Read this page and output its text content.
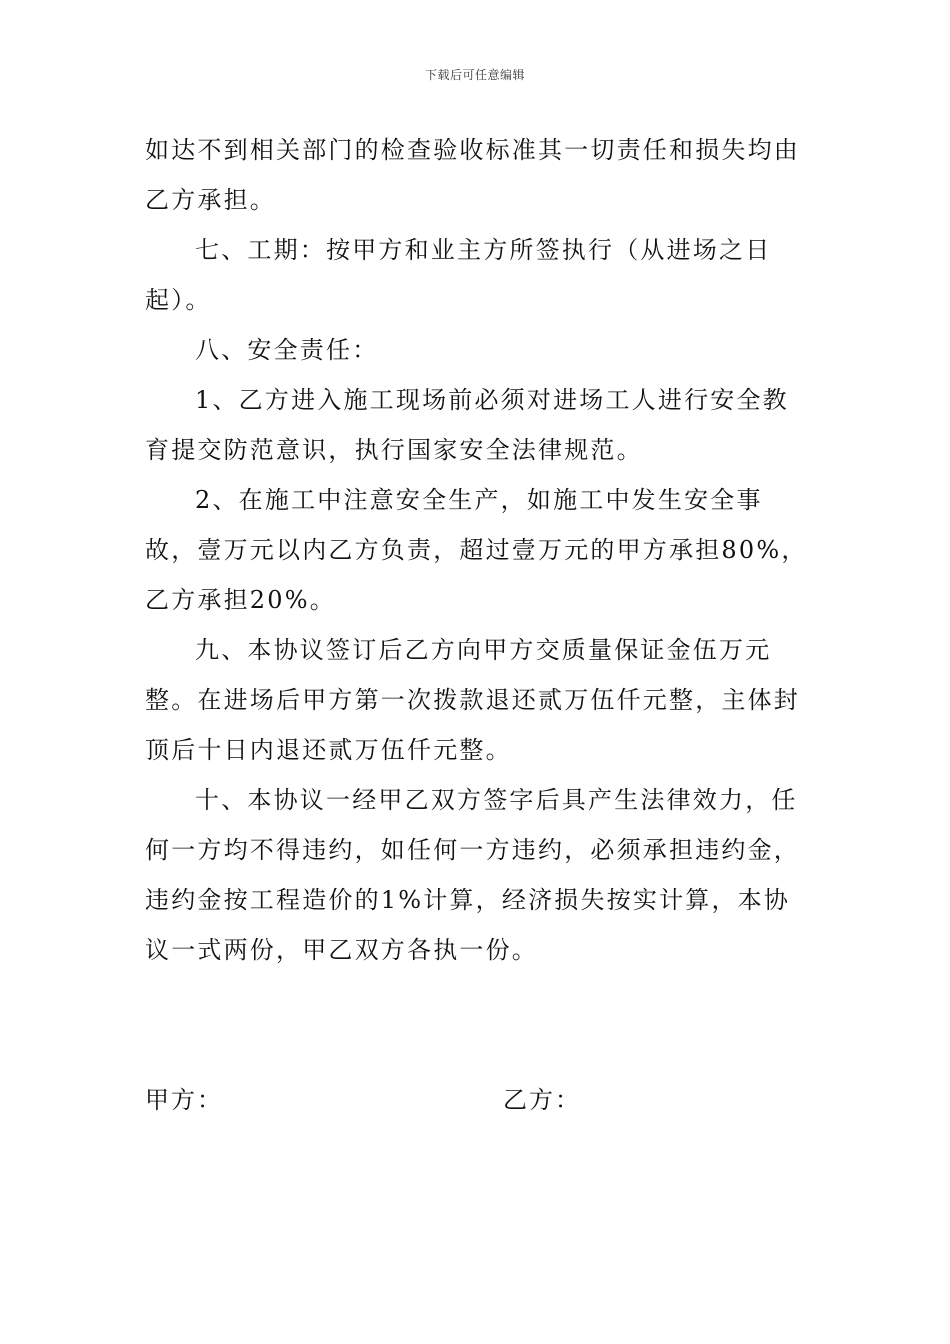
下载后可任意编辑

如达不到相关部门的检查验收标准其一切责任和损失均由乙方承担。

七、工期：按甲方和业主方所签执行（从进场之日起）。

八、安全责任：

1、乙方进入施工现场前必须对进场工人进行安全教育提交防范意识，执行国家安全法律规范。

2、在施工中注意安全生产，如施工中发生安全事故，壹万元以内乙方负责，超过壹万元的甲方承担80%，乙方承担20%。

九、本协议签订后乙方向甲方交质量保证金伍万元整。在进场后甲方第一次拨款退还贰万伍仟元整，主体封顶后十日内退还贰万伍仟元整。

十、本协议一经甲乙双方签字后具产生法律效力，任何一方均不得违约，如任何一方违约，必须承担违约金，违约金按工程造价的1%计算，经济损失按实计算，本协议一式两份，甲乙双方各执一份。

甲方：	乙方：
